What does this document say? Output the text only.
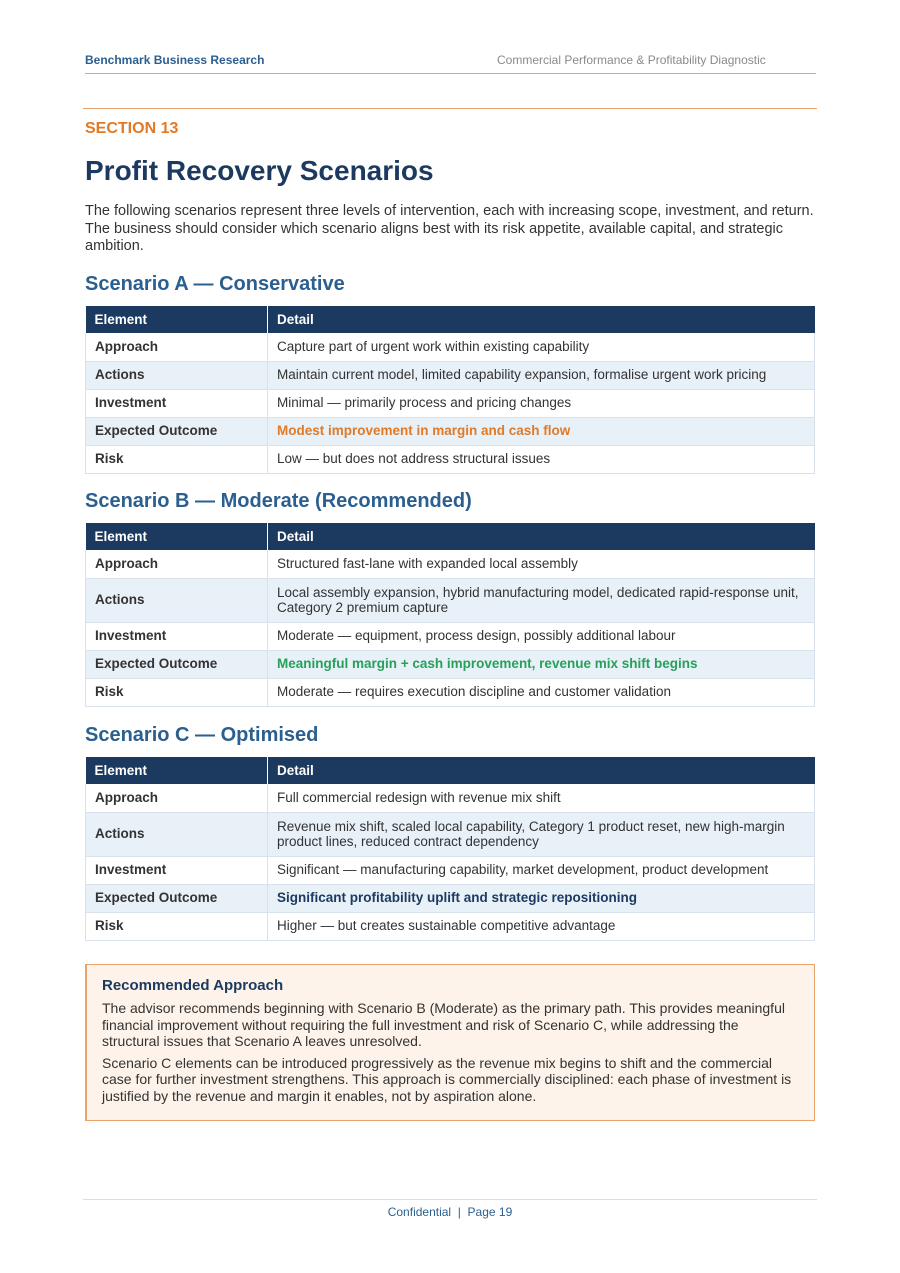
Benchmark Business Research	Commercial Performance & Profitability Diagnostic
SECTION 13
Profit Recovery Scenarios

The following scenarios represent three levels of intervention, each with increasing scope, investment, and return. The business should consider which scenario aligns best with its risk appetite, available capital, and strategic ambition.

Scenario A — Conservative
Element	Detail
Approach	Capture part of urgent work within existing capability
Actions	Maintain current model, limited capability expansion, formalise urgent work pricing
Investment	Minimal — primarily process and pricing changes
Expected Outcome	Modest improvement in margin and cash flow
Risk	Low — but does not address structural issues
Scenario B — Moderate (Recommended)
Element	Detail
Approach	Structured fast-lane with expanded local assembly
Actions	Local assembly expansion, hybrid manufacturing model, dedicated rapid-response unit, Category 2 premium capture
Investment	Moderate — equipment, process design, possibly additional labour
Expected Outcome	Meaningful margin + cash improvement, revenue mix shift begins
Risk	Moderate — requires execution discipline and customer validation
Scenario C — Optimised
Element	Detail
Approach	Full commercial redesign with revenue mix shift
Actions	Revenue mix shift, scaled local capability, Category 1 product reset, new high-margin product lines, reduced contract dependency
Investment	Significant — manufacturing capability, market development, product development
Expected Outcome	Significant profitability uplift and strategic repositioning
Risk	Higher — but creates sustainable competitive advantage
Recommended Approach

The advisor recommends beginning with Scenario B (Moderate) as the primary path. This provides meaningful financial improvement without requiring the full investment and risk of Scenario C, while addressing the structural issues that Scenario A leaves unresolved.

Scenario C elements can be introduced progressively as the revenue mix begins to shift and the commercial case for further investment strengthens. This approach is commercially disciplined: each phase of investment is justified by the revenue and margin it enables, not by aspiration alone.

Confidential  |  Page 19
